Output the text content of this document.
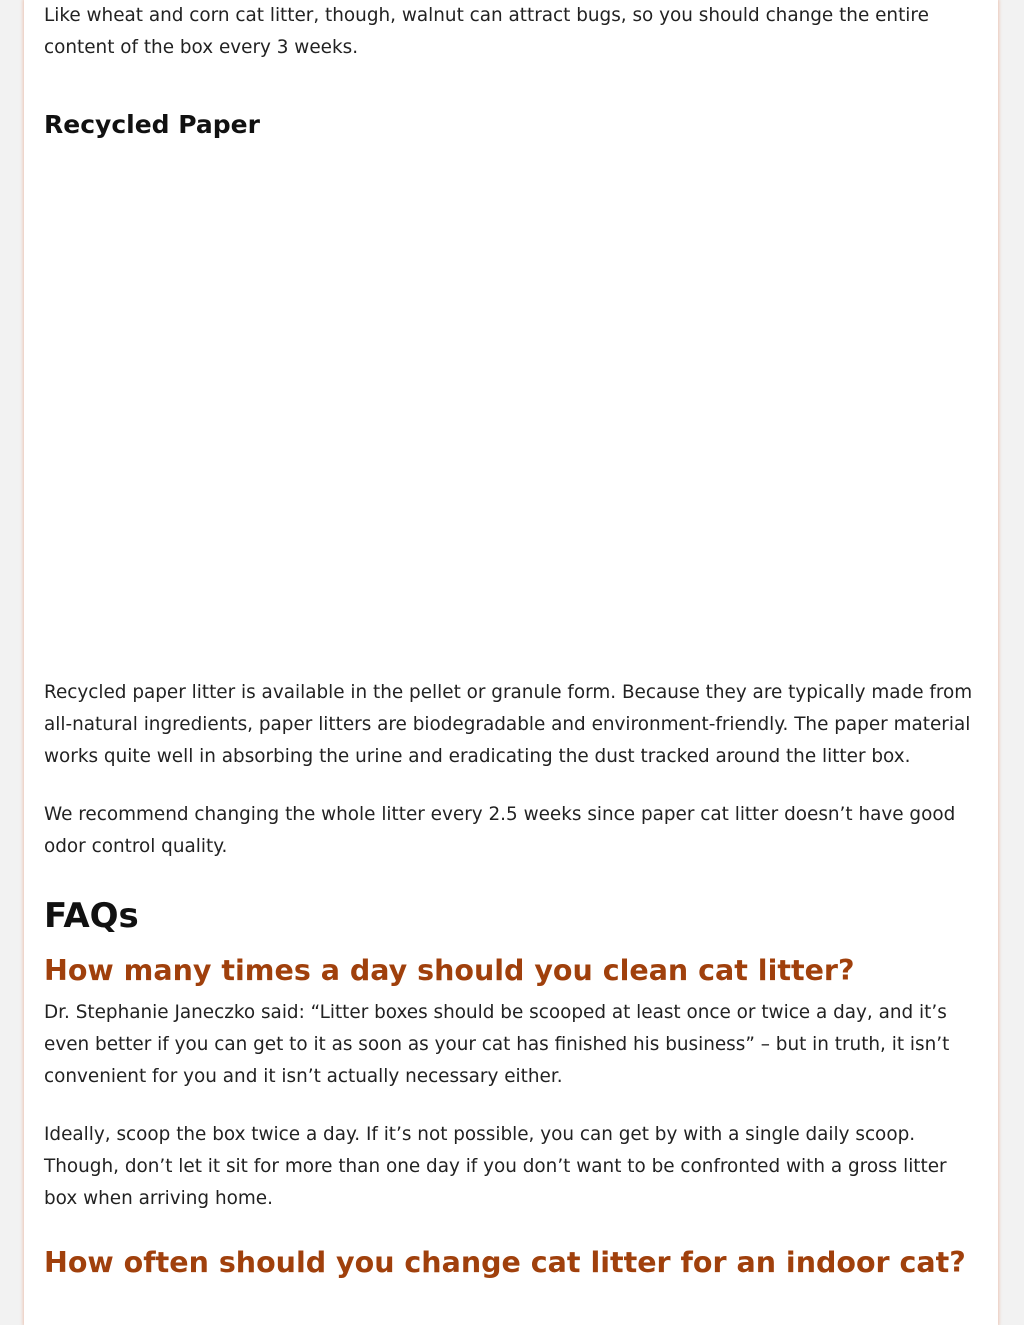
Like wheat and corn cat litter, though, walnut can attract bugs, so you should change the entire content of the box every 3 weeks.

Recycled Paper

Recycled paper litter is available in the pellet or granule form. Because they are typically made from all-natural ingredients, paper litters are biodegradable and environment-friendly. The paper material works quite well in absorbing the urine and eradicating the dust tracked around the litter box.

We recommend changing the whole litter every 2.5 weeks since paper cat litter doesn’t have good odor control quality.

FAQs
How many times a day should you clean cat litter?

Dr. Stephanie Janeczko said: “Litter boxes should be scooped at least once or twice a day, and it’s even better if you can get to it as soon as your cat has finished his business” – but in truth, it isn’t convenient for you and it isn’t actually necessary either.

Ideally, scoop the box twice a day. If it’s not possible, you can get by with a single daily scoop. Though, don’t let it sit for more than one day if you don’t want to be confronted with a gross litter box when arriving home.

How often should you change cat litter for an indoor cat?
